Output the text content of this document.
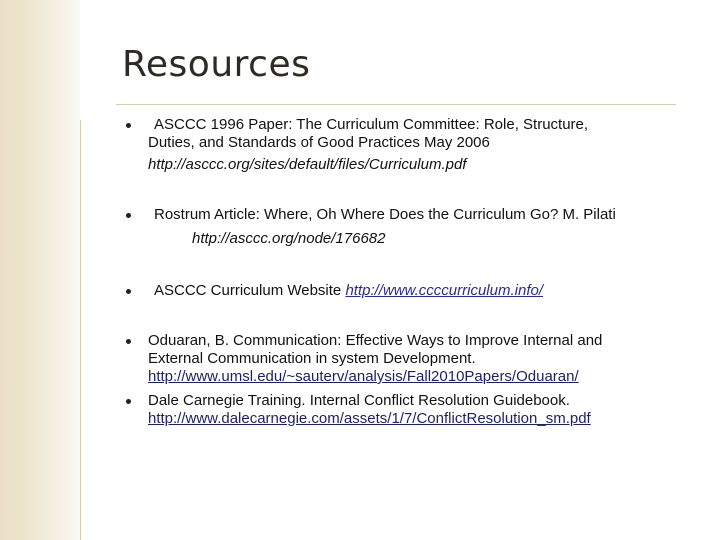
Resources
ASCCC 1996 Paper: The Curriculum Committee: Role, Structure,
Duties, and Standards of Good Practices May 2006
http://asccc.org/sites/default/files/Curriculum.pdf
Rostrum Article: Where, Oh Where Does the Curriculum Go? M. Pilati
http://asccc.org/node/176682
ASCCC Curriculum Website http://www.ccccurriculum.info/
Oduaran, B. Communication: Effective Ways to Improve Internal and
External Communication in system Development.
http://www.umsl.edu/~sauterv/analysis/Fall2010Papers/Oduaran/
Dale Carnegie Training. Internal Conflict Resolution Guidebook.
http://www.dalecarnegie.com/assets/1/7/ConflictResolution_sm.pdf
